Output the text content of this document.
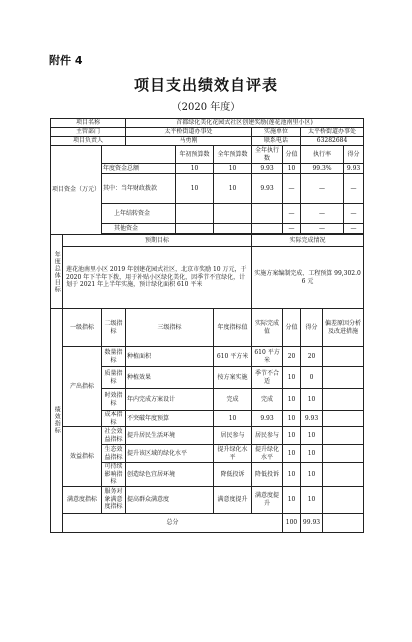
附件 4
项目支出绩效自评表
（2020 年度）
项目名称			首都绿化美化花园式社区创建奖励(莲花池南里小区)							
主管部门			太平桥街道办事处			实施单位		太平桥街道办事处		
项目负责人			马勇刚			联系电话		63282684		
项目资金（万元）				年初预算数	全年预算数	全年执行数	分值	执行率		得分
		年度资金总额		10	10	9.93	10	99.3%		9.93
		其中：当年财政拨款		10	10	9.93	—	—		—
		上年结转资金					—	—		—
		其他资金					—	—		—

年度总体目标	预期目标					实际完成情况				
	莲花池南里小区 2019 年创建花园式社区，北京市奖励 10 万元，于 2020 年下半年下拨，用于补贴小区绿化美化，因季节不宜绿化，计划于 2021 年上半年实施，预计绿化面积 610 平米					实施方案编制完成、工程预算 99,302.06 元				
绩效指标	一级指标	二级指标	三级指标		年度指标值	实际完成值	分值	得分	偏差原因分析及改进措施	
	产出指标	数量指标	种植面积		610 平方米	610 平方米	20	20		
		质量指标	种植效果		按方案实施	季节不合适	10	0		
		时效指标	年内完成方案设计		完成	完成	10	10		
		成本指标	不突破年度预算		10	9.93	10	9.93		
	效益指标	社会效益指标	提升居民生活环境		居民参与	居民参与	10	10		
		生态效益指标	提升该区域的绿化水平		提升绿化水平	提升绿化水平	10	10		
		可持续影响指标	创造绿色宜居环境		降低投诉	降低投诉	10	10		
	满意度指标	服务对象满意度指标	提高群众满意度		满意度提升	满意度提升	10	10		
	总分						100	99.93		
